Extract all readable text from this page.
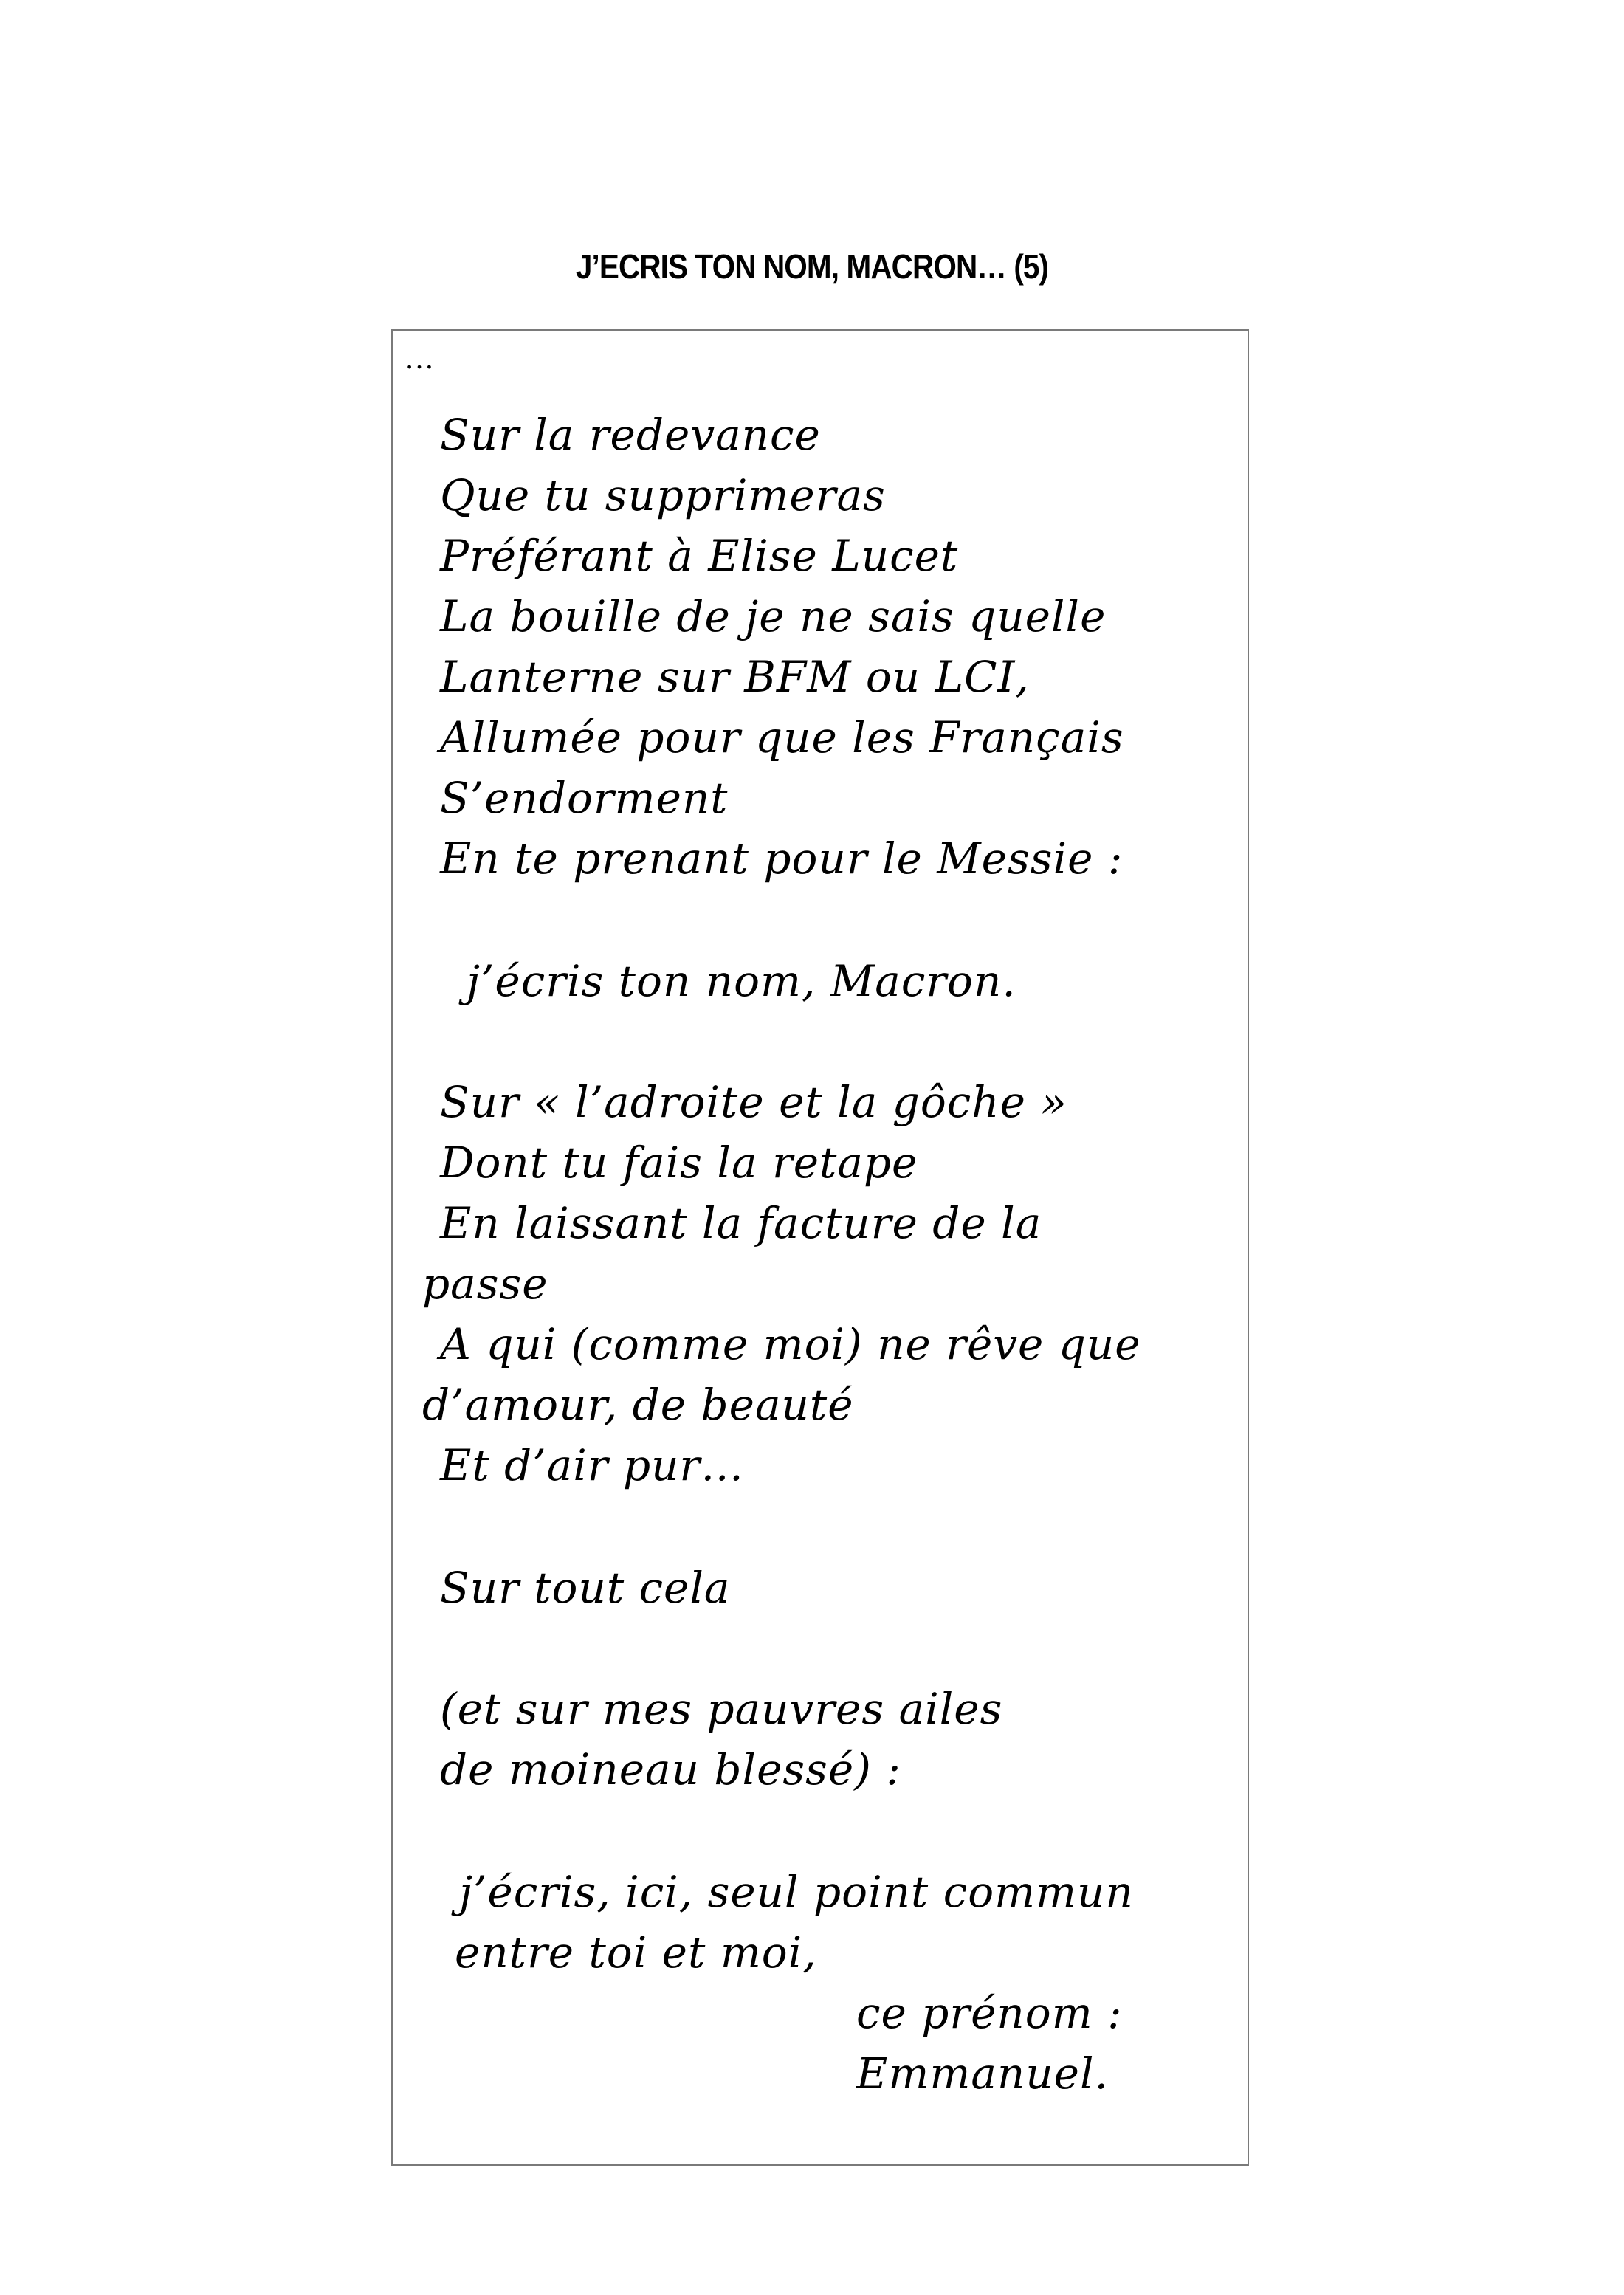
J’ECRIS TON NOM, MACRON… (5)
…
Sur la redevance
Que tu supprimeras
Préférant à Elise Lucet
La bouille de je ne sais quelle
Lanterne sur BFM ou LCI,
Allumée pour que les Français
S’endorment
En te prenant pour le Messie :
j’écris ton nom, Macron.
Sur « l’adroite et la gôche »
Dont tu fais la retape
En laissant la facture de la
passe
A qui (comme moi) ne rêve que
d’amour, de beauté
Et d’air pur…
Sur tout cela
(et sur mes pauvres ailes
de moineau blessé) :
j’écris, ici, seul point commun
entre toi et moi,
ce prénom :
Emmanuel.
